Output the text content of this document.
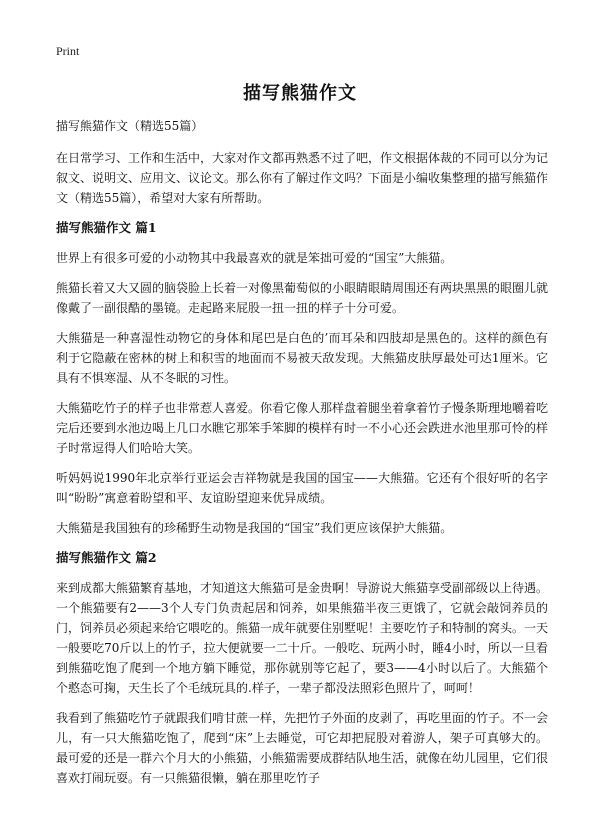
Print
描写熊猫作文

描写熊猫作文（精选55篇）

在日常学习、工作和生活中，大家对作文都再熟悉不过了吧，作文根据体裁的不同可以分为记叙文、说明文、应用文、议论文。那么你有了解过作文吗？下面是小编收集整理的描写熊猫作文（精选55篇），希望对大家有所帮助。

描写熊猫作文 篇1

世界上有很多可爱的小动物其中我最喜欢的就是笨拙可爱的“国宝”大熊猫。

熊猫长着又大又圆的脑袋脸上长着一对像黑葡萄似的小眼睛眼睛周围还有两块黑黑的眼圈儿就像戴了一副很酷的墨镜。走起路来屁股一扭一扭的样子十分可爱。

大熊猫是一种喜湿性动物它的身体和尾巴是白色的’而耳朵和四肢却是黑色的。这样的颜色有利于它隐蔽在密林的树上和积雪的地面而不易被天敌发现。大熊猫皮肤厚最处可达1厘米。它具有不惧寒湿、从不冬眠的习性。

大熊猫吃竹子的样子也非常惹人喜爱。你看它像人那样盘着腿坐着拿着竹子慢条斯理地嚼着吃完后还要到水池边喝上几口水瞧它那笨手笨脚的模样有时一不小心还会跌进水池里那可怜的样子时常逗得人们哈哈大笑。

听妈妈说1990年北京举行亚运会吉祥物就是我国的国宝——大熊猫。它还有个很好听的名字叫“盼盼”寓意着盼望和平、友谊盼望迎来优异成绩。

大熊猫是我国独有的珍稀野生动物是我国的“国宝”我们更应该保护大熊猫。

描写熊猫作文 篇2

来到成都大熊猫繁育基地，才知道这大熊猫可是金贵啊！导游说大熊猫享受副部级以上待遇。一个熊猫要有2——3个人专门负责起居和饲养，如果熊猫半夜三更饿了，它就会敲饲养员的门，饲养员必须起来给它喂吃的。熊猫一成年就要住别墅呢！主要吃竹子和特制的窝头。一天一般要吃70斤以上的竹子，拉大便就要一二十斤。一般吃、玩两小时，睡4小时，所以一旦看到熊猫吃饱了爬到一个地方躺下睡觉，那你就别等它起了，要3——4小时以后了。大熊猫个个憨态可掬，天生长了个毛绒玩具的.样子，一辈子都没法照彩色照片了，呵呵！

我看到了熊猫吃竹子就跟我们啃甘蔗一样，先把竹子外面的皮剥了，再吃里面的竹子。不一会儿，有一只大熊猫吃饱了，爬到“床”上去睡觉，可它却把屁股对着游人，架子可真够大的。最可爱的还是一群六个月大的小熊猫，小熊猫需要成群结队地生活，就像在幼儿园里，它们很喜欢打闹玩耍。有一只熊猫很懒，躺在那里吃竹子
